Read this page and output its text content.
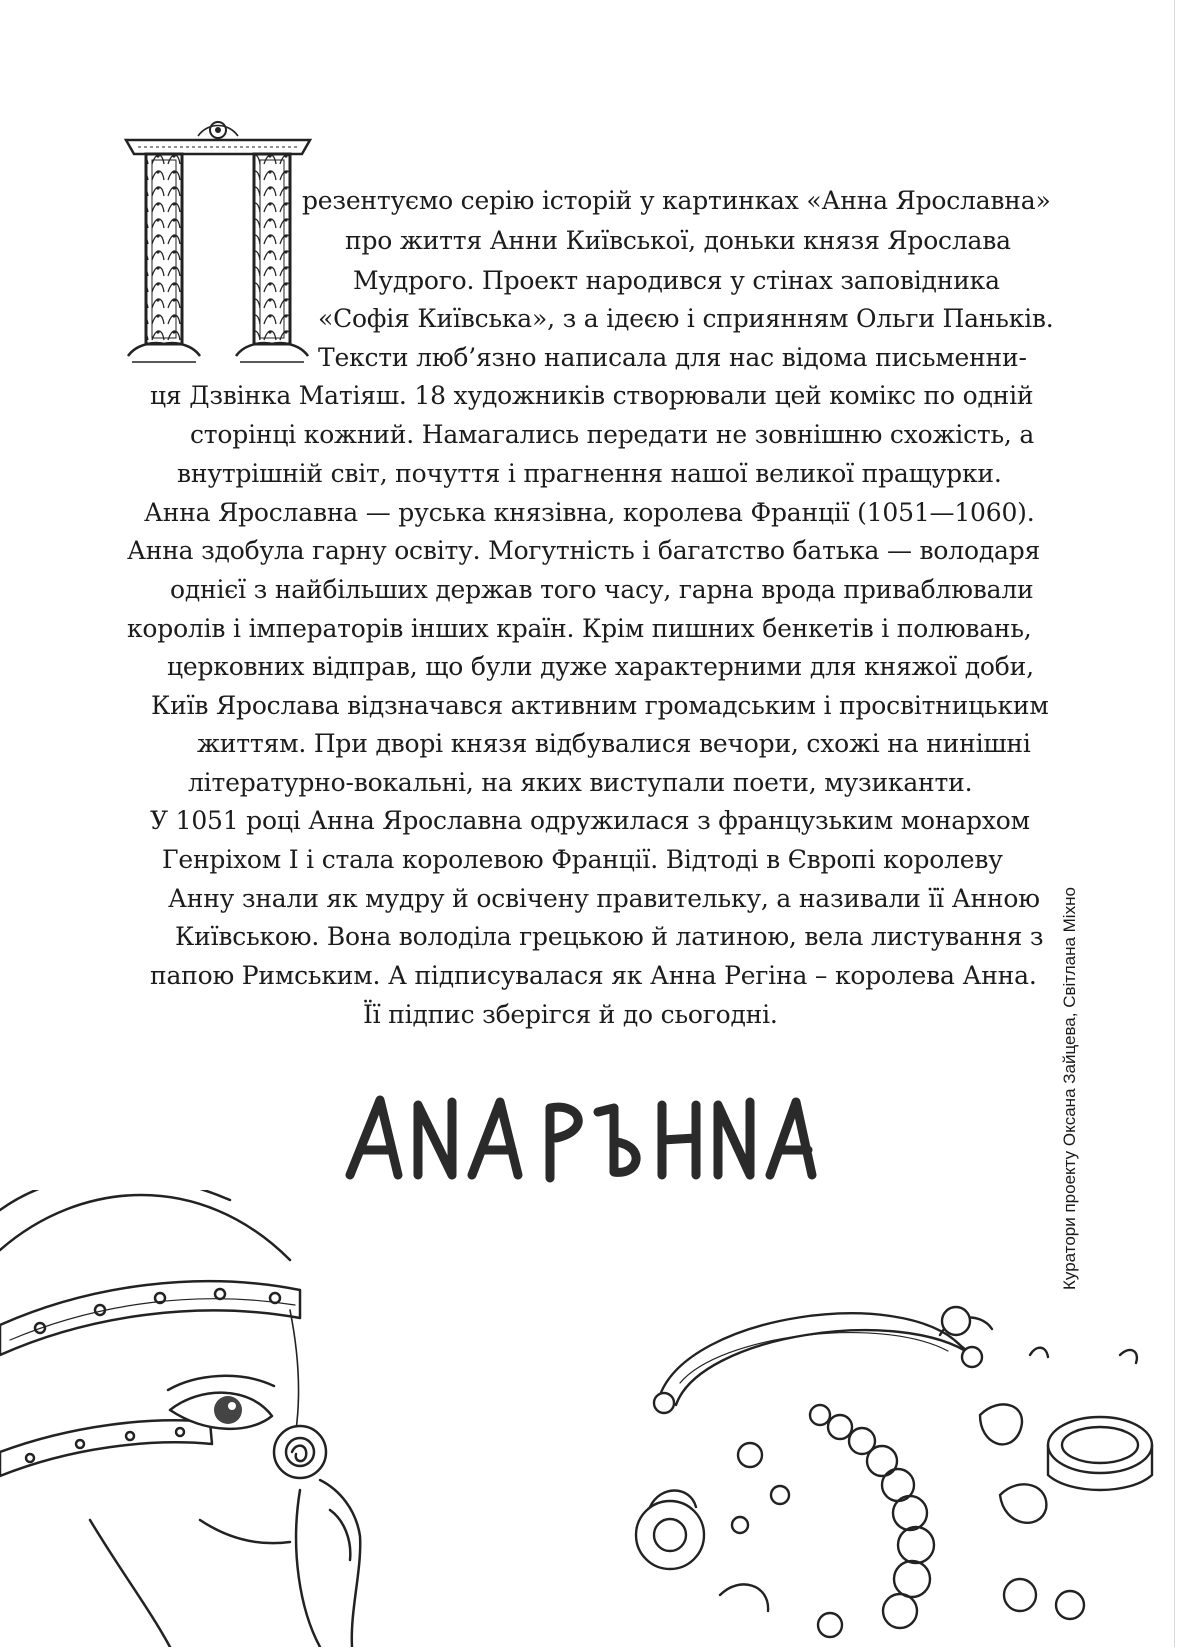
резентуємо серію історій у картинках «Анна Ярославна»
про життя Анни Київської, доньки князя Ярослава
Мудрого. Проект народився у стінах заповідника
«Софія Київська», з а ідеєю і сприянням Ольги Паньків.
Тексти люб’язно написала для нас відома письменни-
ця Дзвінка Матіяш. 18 художників створювали цей комікс по одній
сторінці кожний. Намагались передати не зовнішню схожість, а
внутрішній світ, почуття і прагнення нашої великої пращурки.
Анна Ярославна — руська князівна, королева Франції (1051—1060).
Анна здобула гарну освіту. Могутність і багатство батька — володаря
однієї з найбільших держав того часу, гарна врода приваблювали
королів і імператорів інших країн. Крім пишних бенкетів і полювань,
церковних відправ, що були дуже характерними для княжої доби,
Київ Ярослава відзначався активним громадським і просвітницьким
життям. При дворі князя відбувалися вечори, схожі на нинішні
літературно-вокальні, на яких виступали поети, музиканти.
У 1051 році Анна Ярославна одружилася з французьким монархом
Генріхом І і стала королевою Франції. Відтоді в Європі королеву
Анну знали як мудру й освічену правительку, а називали її Анною
Київською. Вона володіла грецькою й латиною, вела листування з
папою Римським. А підписувалася як Анна Регіна – королева Анна.
Її підпис зберігся й до сьогодні.	Куратори проекту Оксана Зайцева, Світлана Міхно
